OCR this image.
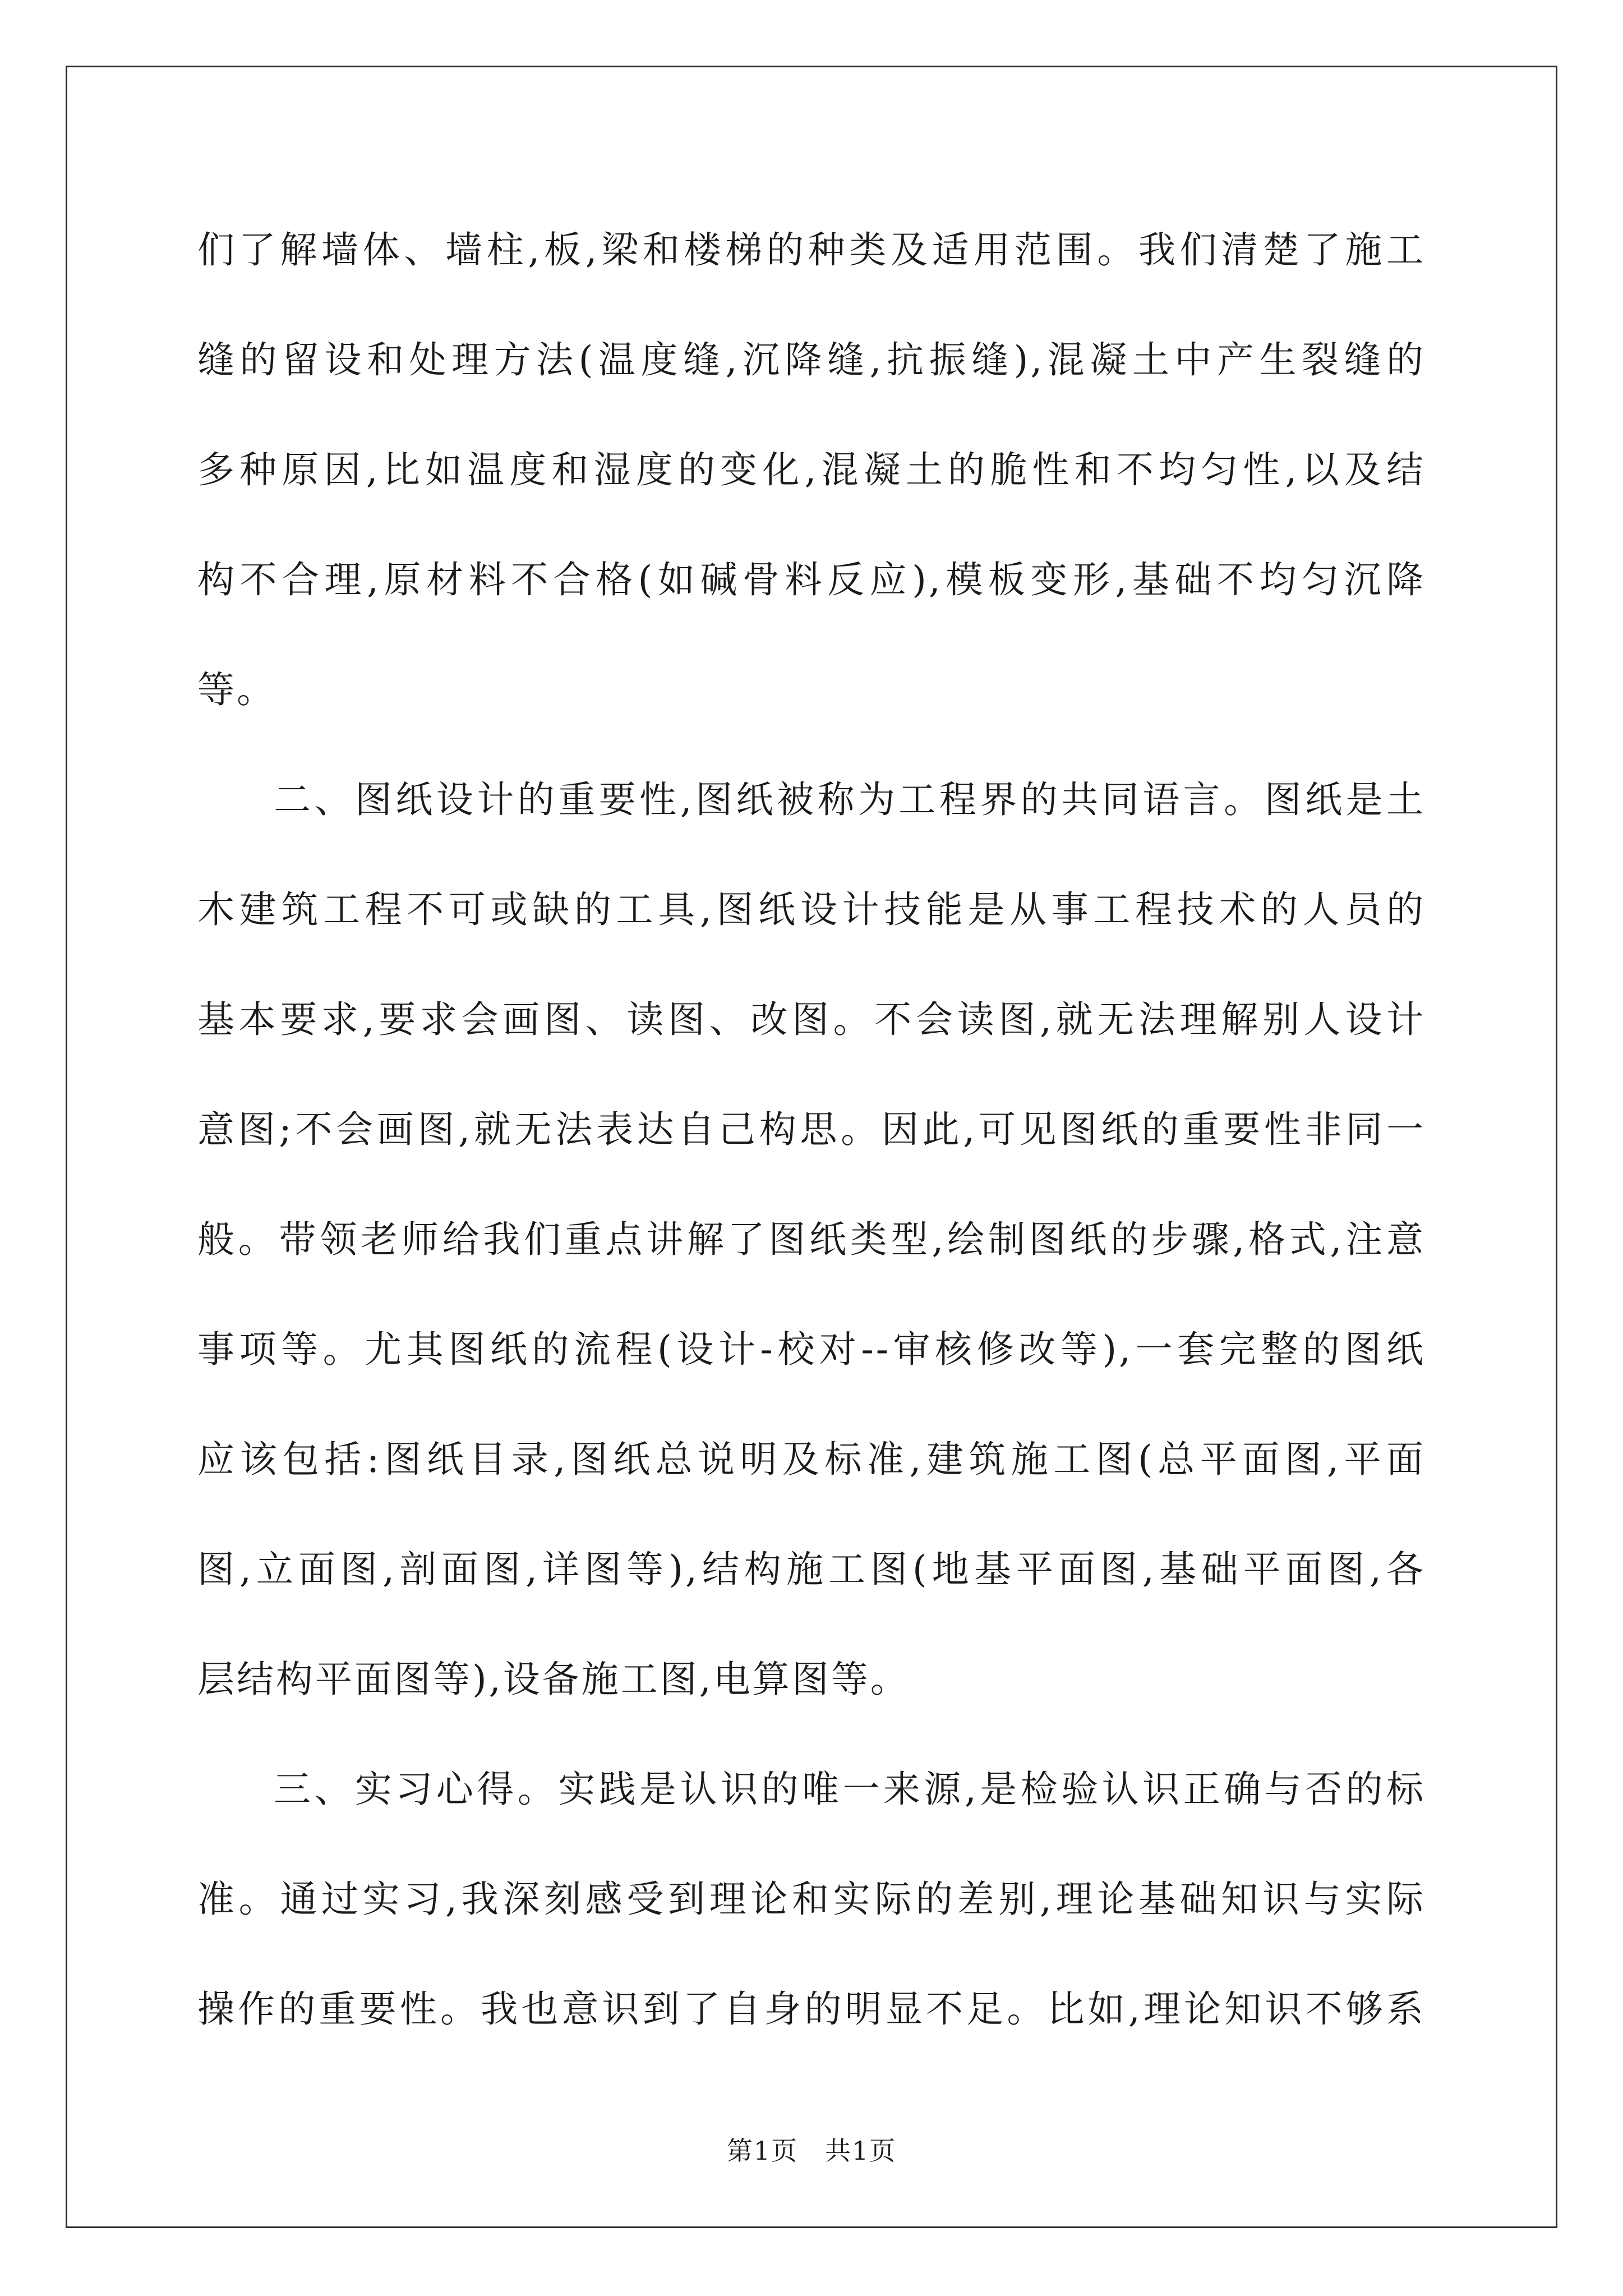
们了解墙体、墙柱,板,梁和楼梯的种类及适用范围。我们清楚了施工
缝的留设和处理方法(温度缝,沉降缝,抗振缝),混凝土中产生裂缝的
多种原因,比如温度和湿度的变化,混凝土的脆性和不均匀性,以及结
构不合理,原材料不合格(如碱骨料反应),模板变形,基础不均匀沉降
等。
二、图纸设计的重要性,图纸被称为工程界的共同语言。图纸是土
木建筑工程不可或缺的工具,图纸设计技能是从事工程技术的人员的
基本要求,要求会画图、读图、改图。不会读图,就无法理解别人设计
意图;不会画图,就无法表达自己构思。因此,可见图纸的重要性非同一
般。带领老师给我们重点讲解了图纸类型,绘制图纸的步骤,格式,注意
事项等。尤其图纸的流程(设计-校对--审核修改等),一套完整的图纸
应该包括:图纸目录,图纸总说明及标准,建筑施工图(总平面图,平面
图,立面图,剖面图,详图等),结构施工图(地基平面图,基础平面图,各
层结构平面图等),设备施工图,电算图等。
三、实习心得。实践是认识的唯一来源,是检验认识正确与否的标
准。通过实习,我深刻感受到理论和实际的差别,理论基础知识与实际
操作的重要性。我也意识到了自身的明显不足。比如,理论知识不够系
第1页　共1页
